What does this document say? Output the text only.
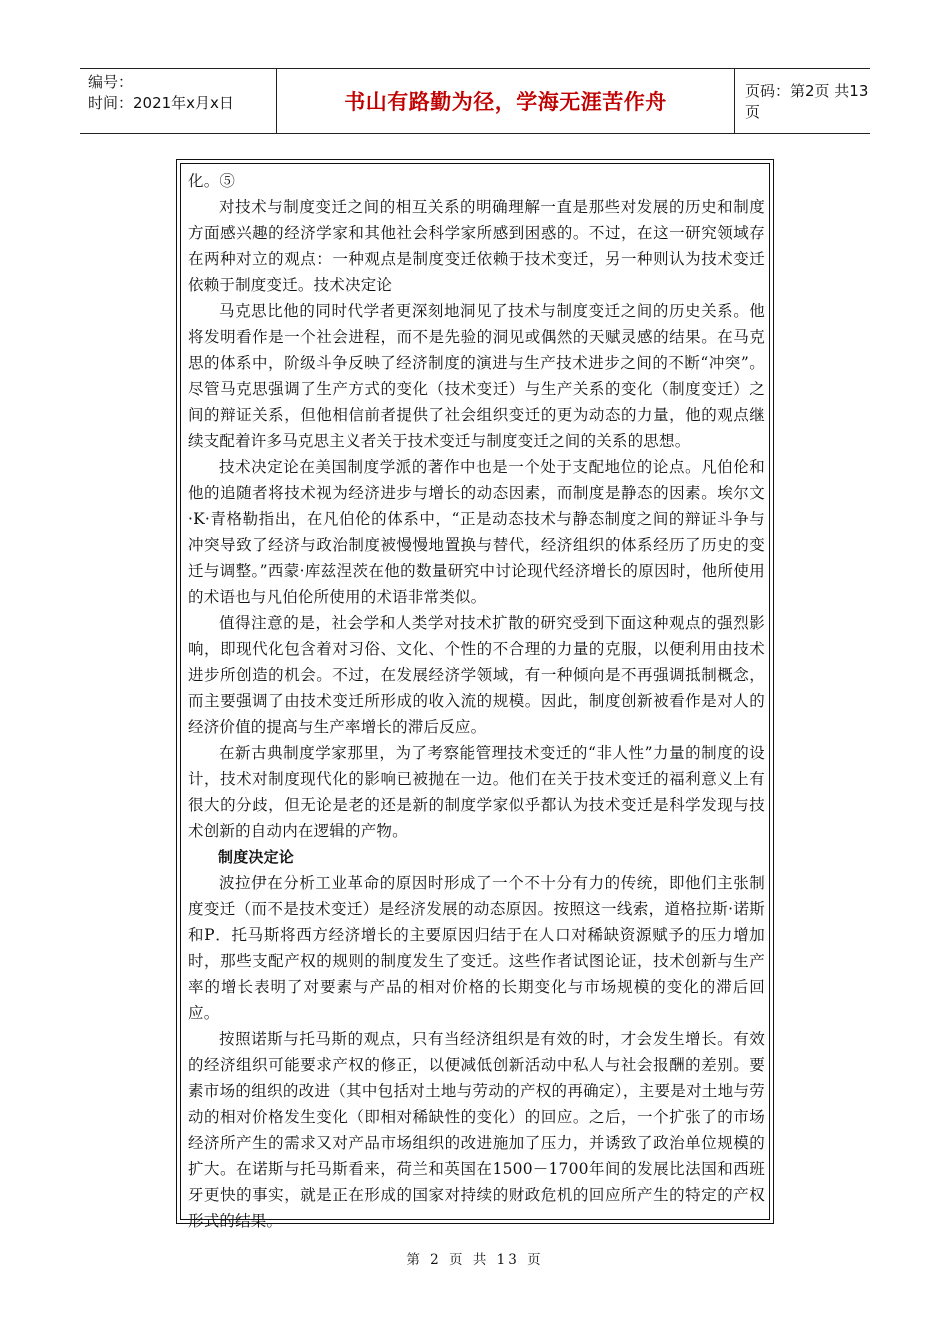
编号：
时间：2021年x月x日	书山有路勤为径，学海无涯苦作舟	页码：第2页 共13页

化。⑤

对技术与制度变迁之间的相互关系的明确理解一直是那些对发展的历史和制度方面感兴趣的经济学家和其他社会科学家所感到困惑的。不过，在这一研究领域存在两种对立的观点：一种观点是制度变迁依赖于技术变迁，另一种则认为技术变迁依赖于制度变迁。技术决定论

马克思比他的同时代学者更深刻地洞见了技术与制度变迁之间的历史关系。他将发明看作是一个社会进程，而不是先验的洞见或偶然的天赋灵感的结果。在马克思的体系中，阶级斗争反映了经济制度的演进与生产技术进步之间的不断“冲突”。尽管马克思强调了生产方式的变化（技术变迁）与生产关系的变化（制度变迁）之间的辩证关系，但他相信前者提供了社会组织变迁的更为动态的力量，他的观点继续支配着许多马克思主义者关于技术变迁与制度变迁之间的关系的思想。

技术决定论在美国制度学派的著作中也是一个处于支配地位的论点。凡伯伦和他的追随者将技术视为经济进步与增长的动态因素，而制度是静态的因素。埃尔文·K·青格勒指出，在凡伯伦的体系中，“正是动态技术与静态制度之间的辩证斗争与冲突导致了经济与政治制度被慢慢地置换与替代，经济组织的体系经历了历史的变迁与调整。”西蒙·库兹涅茨在他的数量研究中讨论现代经济增长的原因时，他所使用的术语也与凡伯伦所使用的术语非常类似。

值得注意的是，社会学和人类学对技术扩散的研究受到下面这种观点的强烈影响，即现代化包含着对习俗、文化、个性的不合理的力量的克服，以便利用由技术进步所创造的机会。不过，在发展经济学领域，有一种倾向是不再强调抵制概念，而主要强调了由技术变迁所形成的收入流的规模。因此，制度创新被看作是对人的经济价值的提高与生产率增长的滞后反应。

在新古典制度学家那里，为了考察能管理技术变迁的“非人性”力量的制度的设计，技术对制度现代化的影响已被抛在一边。他们在关于技术变迁的福利意义上有很大的分歧，但无论是老的还是新的制度学家似乎都认为技术变迁是科学发现与技术创新的自动内在逻辑的产物。

制度决定论

波拉伊在分析工业革命的原因时形成了一个不十分有力的传统，即他们主张制度变迁（而不是技术变迁）是经济发展的动态原因。按照这一线索，道格拉斯·诺斯和P．托马斯将西方经济增长的主要原因归结于在人口对稀缺资源赋予的压力增加时，那些支配产权的规则的制度发生了变迁。这些作者试图论证，技术创新与生产率的增长表明了对要素与产品的相对价格的长期变化与市场规模的变化的滞后回应。

按照诺斯与托马斯的观点，只有当经济组织是有效的时，才会发生增长。有效的经济组织可能要求产权的修正，以便减低创新活动中私人与社会报酬的差别。要素市场的组织的改进（其中包括对土地与劳动的产权的再确定），主要是对土地与劳动的相对价格发生变化（即相对稀缺性的变化）的回应。之后，一个扩张了的市场经济所产生的需求又对产品市场组织的改进施加了压力，并诱致了政治单位规模的扩大。在诺斯与托马斯看来，荷兰和英国在1500－1700年间的发展比法国和西班牙更快的事实，就是正在形成的国家对持续的财政危机的回应所产生的特定的产权形式的结果。

第 2 页 共 13 页
